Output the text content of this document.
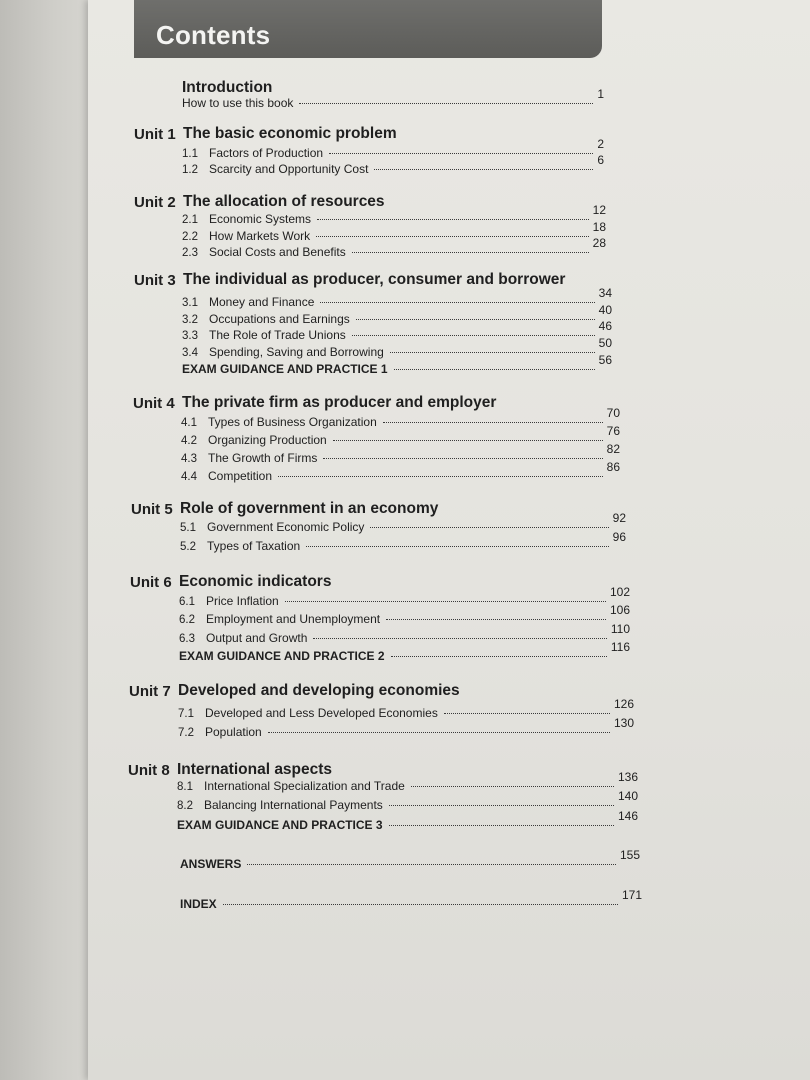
Contents
Introduction
How to use this book
1
Unit 1 The basic economic problem
1.1 Factors of Production
2
1.2 Scarcity and Opportunity Cost
6
Unit 2 The allocation of resources
2.1 Economic Systems
12
2.2 How Markets Work
18
2.3 Social Costs and Benefits
28
Unit 3 The individual as producer, consumer and borrower
3.1 Money and Finance
34
3.2 Occupations and Earnings
40
3.3 The Role of Trade Unions
46
3.4 Spending, Saving and Borrowing
50
EXAM GUIDANCE AND PRACTICE 1
56
Unit 4 The private firm as producer and employer
4.1 Types of Business Organization
70
4.2 Organizing Production
76
4.3 The Growth of Firms
82
4.4 Competition
86
Unit 5 Role of government in an economy
5.1 Government Economic Policy
92
5.2 Types of Taxation
96
Unit 6 Economic indicators
6.1 Price Inflation
102
6.2 Employment and Unemployment
106
6.3 Output and Growth
110
EXAM GUIDANCE AND PRACTICE 2
116
Unit 7 Developed and developing economies
7.1 Developed and Less Developed Economies
126
7.2 Population
130
Unit 8 International aspects
8.1 International Specialization and Trade
136
8.2 Balancing International Payments
140
EXAM GUIDANCE AND PRACTICE 3
146
ANSWERS
155
INDEX
171
